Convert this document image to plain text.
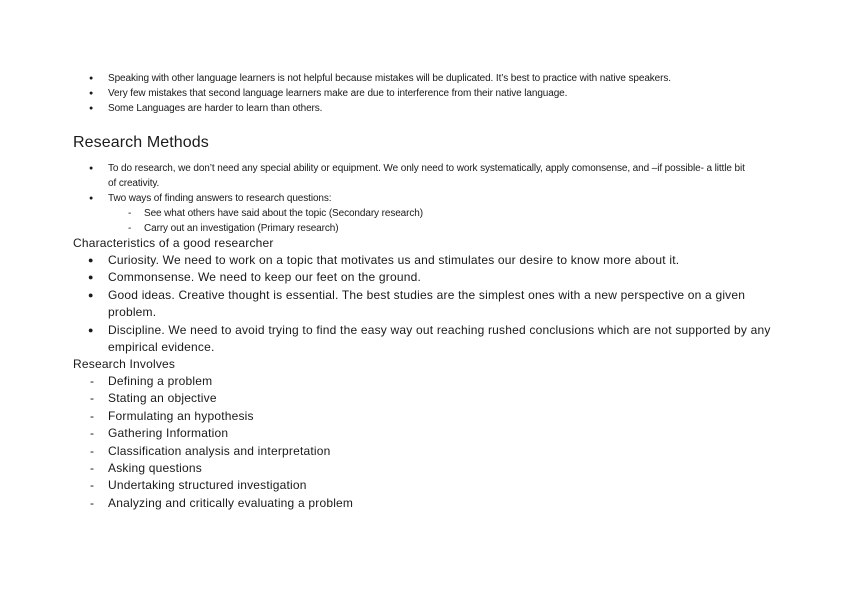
● Speaking with other language learners is not helpful because mistakes will be duplicated. It’s best to practice with native speakers.
● Very few mistakes that second language learners make are due to interference from their native language.
● Some Languages are harder to learn than others.
Research Methods
● To do research, we don’t need any special ability or equipment. We only need to work systematically, apply comonsense, and –if possible- a little bit of creativity.
● Two ways of finding answers to research questions:
- See what others have said about the topic (Secondary research)
- Carry out an investigation (Primary research)
Characteristics of a good researcher
● Curiosity. We need to work on a topic that motivates us and stimulates our desire to know more about it.
● Commonsense. We need to keep our feet on the ground.
● Good ideas. Creative thought is essential. The best studies are the simplest ones with a new perspective on a given problem.
● Discipline. We need to avoid trying to find the easy way out reaching rushed conclusions which are not supported by any empirical evidence.
Research Involves
- Defining a problem
- Stating an objective
- Formulating an hypothesis
- Gathering Information
- Classification analysis and interpretation
- Asking questions
- Undertaking structured investigation
- Analyzing and critically evaluating a problem
